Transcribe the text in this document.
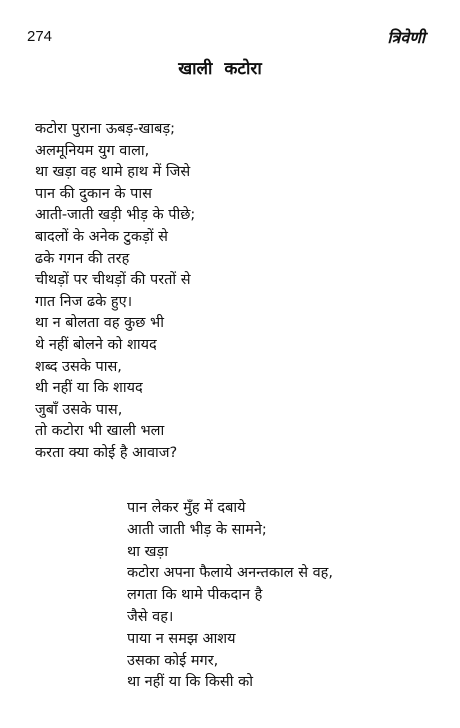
274	त्रिवेणी
खाली कटोरा
कटोरा पुराना ऊबड़-खाबड़;
अलमूनियम युग वाला,
था खड़ा वह थामे हाथ में जिसे
पान की दुकान के पास
आती-जाती खड़ी भीड़ के पीछे;
बादलों के अनेक टुकड़ों से
ढके गगन की तरह
चीथड़ों पर चीथड़ों की परतों से
गात निज ढके हुए।
था न बोलता वह कुछ भी
थे नहीं बोलने को शायद
शब्द उसके पास,
थी नहीं या कि शायद
जुबाँ उसके पास,
तो कटोरा भी खाली भला
करता क्या कोई है आवाज?
पान लेकर मुँह में दबाये
आती जाती भीड़ के सामने;
था खड़ा
कटोरा अपना फैलाये अनन्तकाल से वह,
लगता कि थामे पीकदान है
जैसे वह।
पाया न समझ आशय
उसका कोई मगर,
था नहीं या कि किसी को
